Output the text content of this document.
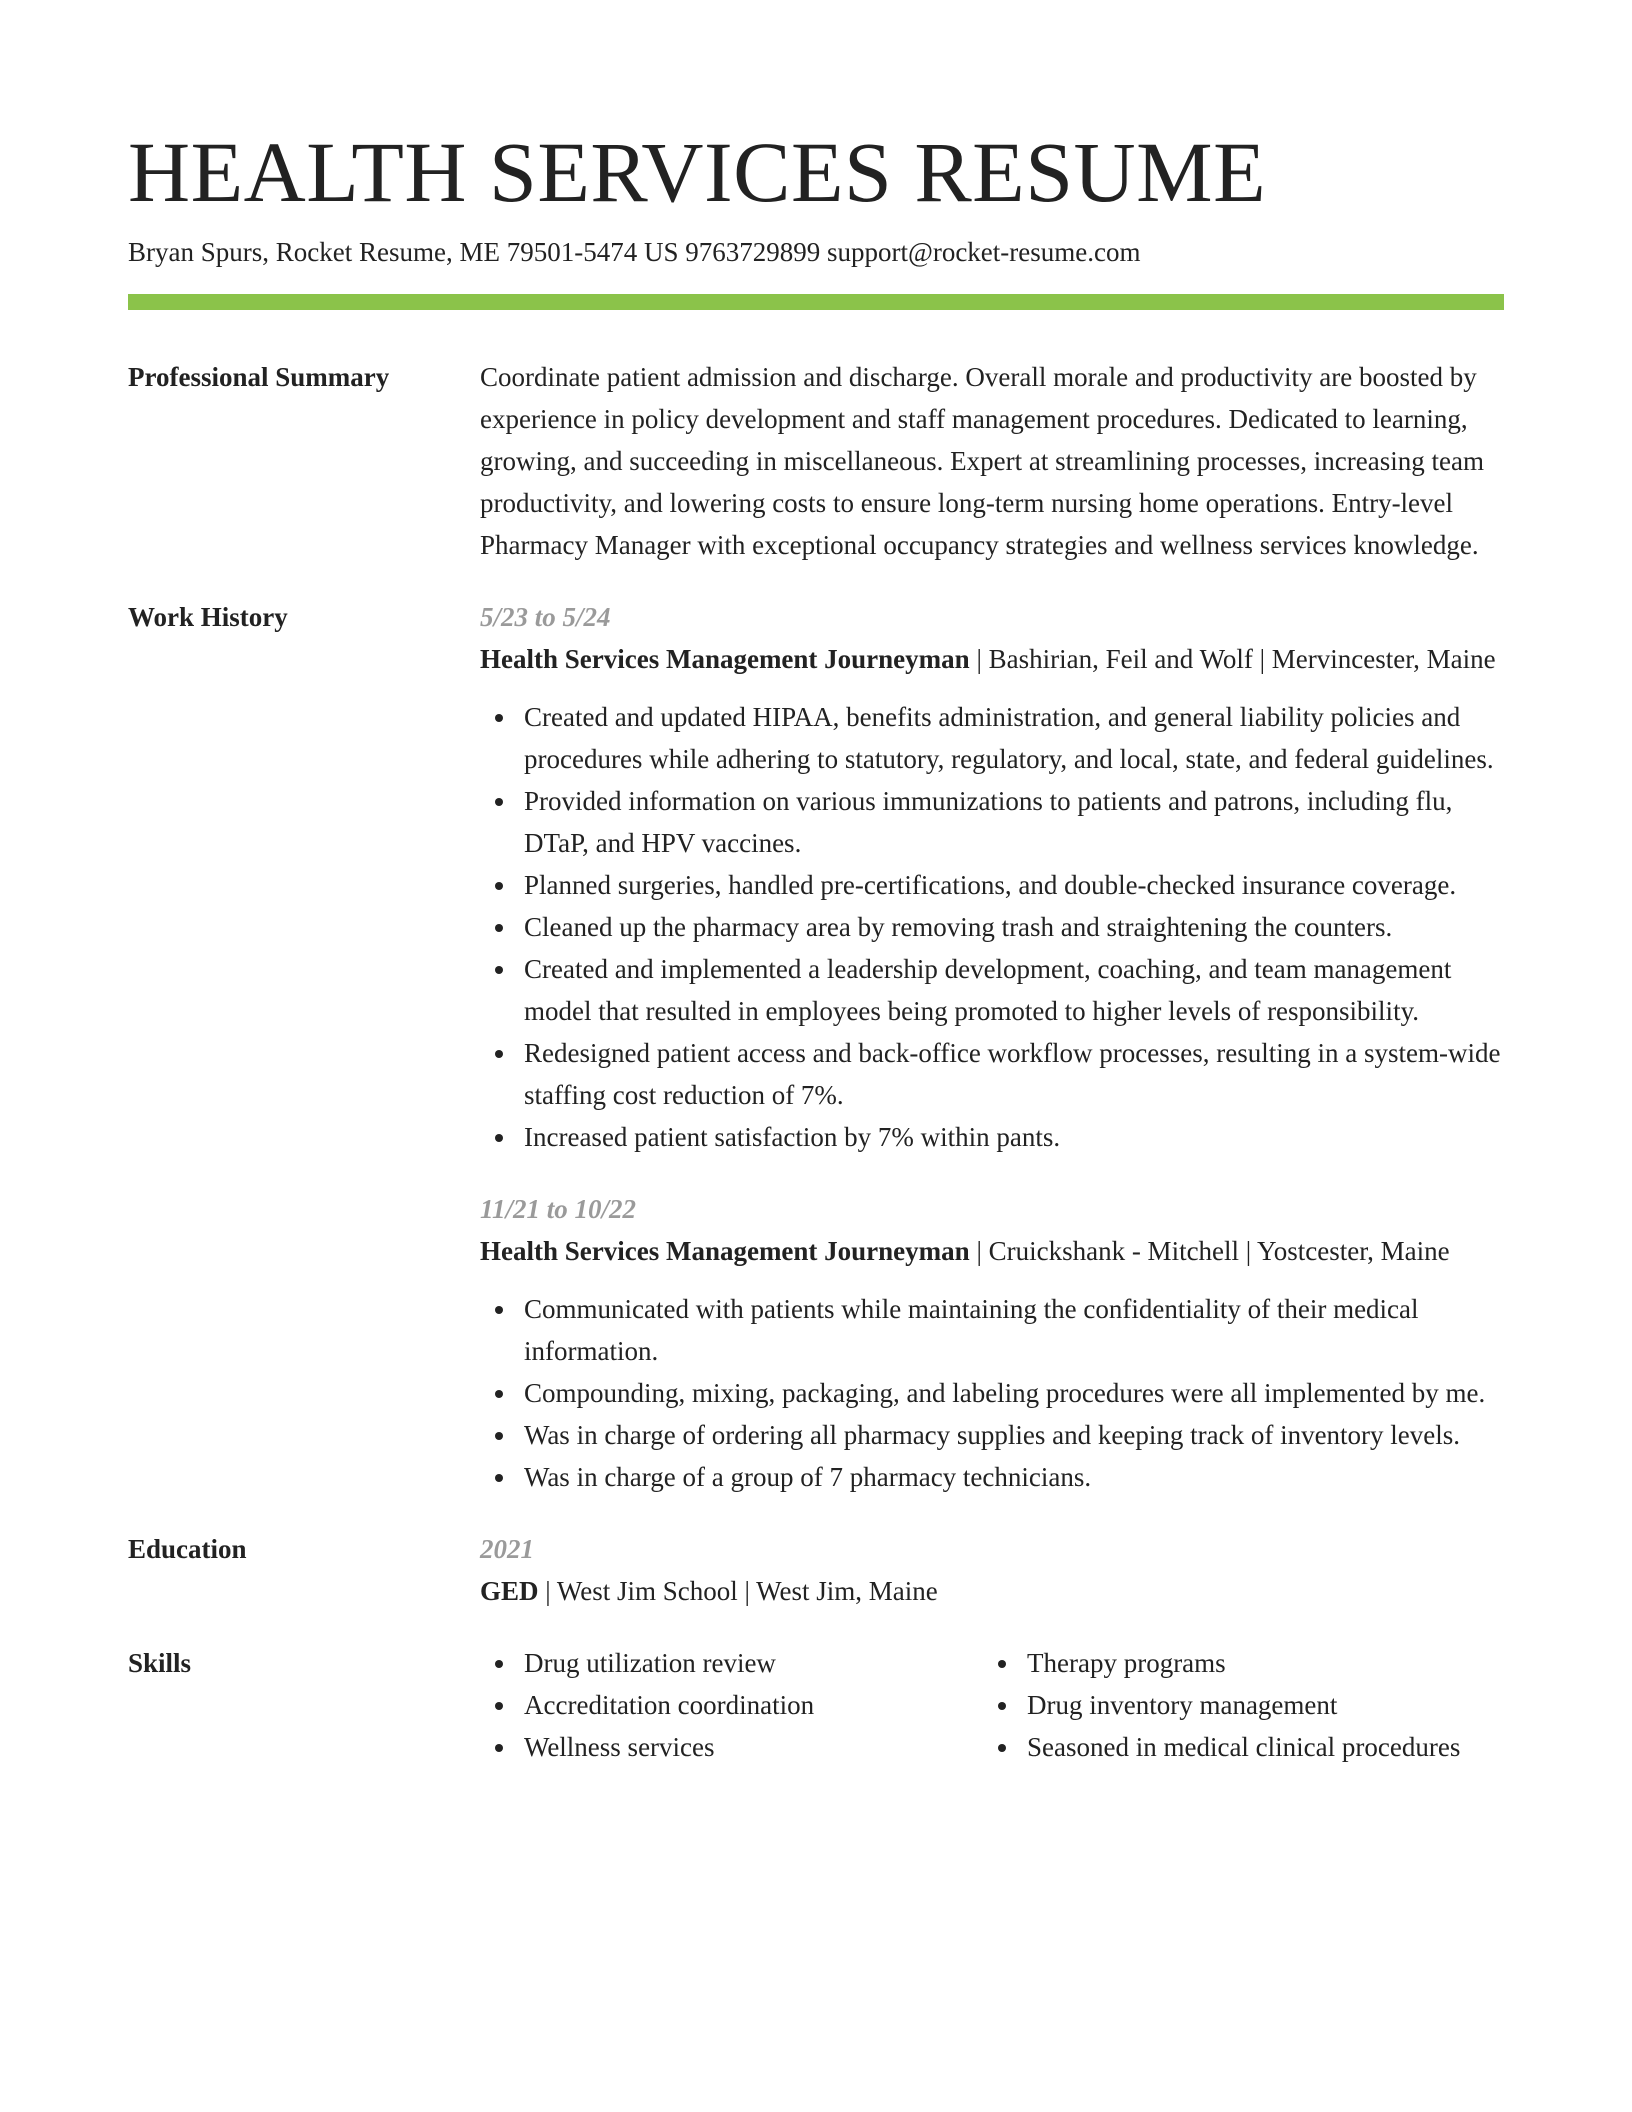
HEALTH SERVICES RESUME
Bryan Spurs, Rocket Resume, ME 79501-5474 US 9763729899 support@rocket-resume.com
Professional Summary	Coordinate patient admission and discharge. Overall morale and productivity are boosted by experience in policy development and staff management procedures. Dedicated to learning, growing, and succeeding in miscellaneous. Expert at streamlining processes, increasing team productivity, and lowering costs to ensure long-term nursing home operations. Entry-level Pharmacy Manager with exceptional occupancy strategies and wellness services knowledge.

Work History	5/23 to 5/24
Health Services Management Journeyman | Bashirian, Feil and Wolf | Mervincester, Maine
Created and updated HIPAA, benefits administration, and general liability policies and procedures while adhering to statutory, regulatory, and local, state, and federal guidelines.
Provided information on various immunizations to patients and patrons, including flu, DTaP, and HPV vaccines.
Planned surgeries, handled pre-certifications, and double-checked insurance coverage.
Cleaned up the pharmacy area by removing trash and straightening the counters.
Created and implemented a leadership development, coaching, and team management model that resulted in employees being promoted to higher levels of responsibility.
Redesigned patient access and back-office workflow processes, resulting in a system-wide staffing cost reduction of 7%.
Increased patient satisfaction by 7% within pants.
11/21 to 10/22
Health Services Management Journeyman | Cruickshank - Mitchell | Yostcester, Maine
Communicated with patients while maintaining the confidentiality of their medical information.
Compounding, mixing, packaging, and labeling procedures were all implemented by me.
Was in charge of ordering all pharmacy supplies and keeping track of inventory levels.
Was in charge of a group of 7 pharmacy technicians.
Education	2021
GED | West Jim School | West Jim, Maine
Skills	Drug utilization review
Accreditation coordination
Wellness services
Therapy programs
Drug inventory management
Seasoned in medical clinical procedures
